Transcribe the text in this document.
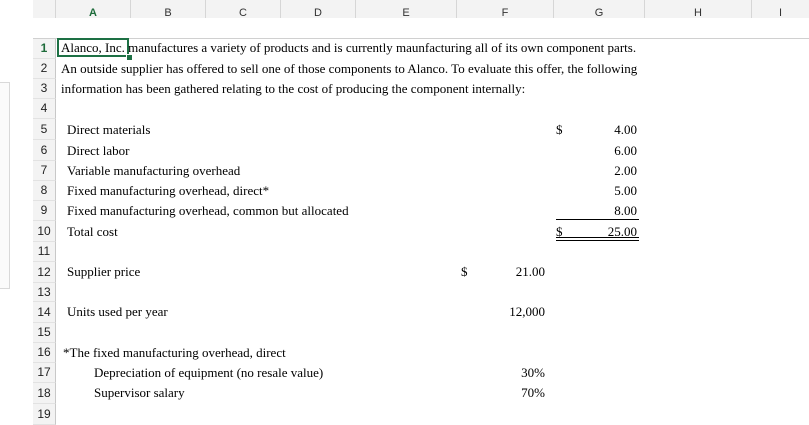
A	B	C	D	E	F	G	H	I
1
2
3
4
5
6
7
8
9
10
11
12
13
14
15
16
17
18
19
Alanco, Inc. manufactures a variety of products and is currently maunfacturing all of its own component parts.
An outside supplier has offered to sell one of those components to Alanco. To evaluate this offer, the following
information has been gathered relating to the cost of producing the component internally:
Direct materials	$	4.00
Direct labor	6.00
Variable manufacturing overhead	2.00
Fixed manufacturing overhead, direct*	5.00
Fixed manufacturing overhead, common but allocated	8.00
Total cost	$	25.00
Supplier price	$	21.00
Units used per year	12,000
*The fixed manufacturing overhead, direct
Depreciation of equipment (no resale value)	30%
Supervisor salary	70%
